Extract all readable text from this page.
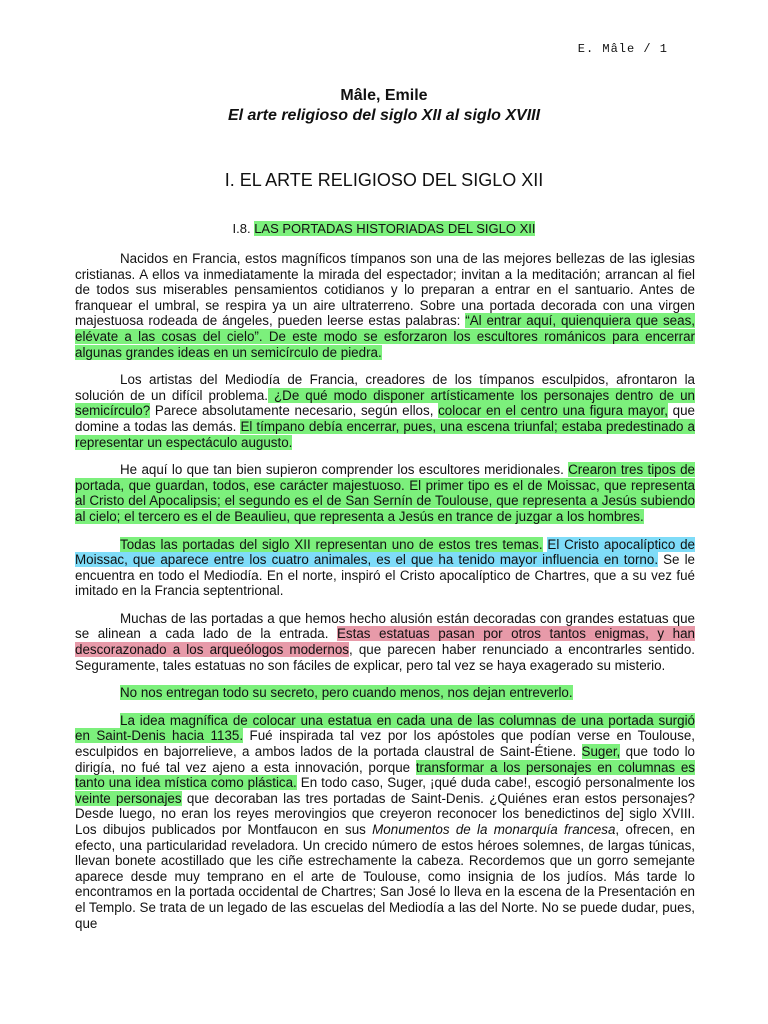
E. Mâle / 1
Mâle, Emile
El arte religioso del siglo XII al siglo XVIII
I. EL ARTE RELIGIOSO DEL SIGLO XII
I.8. LAS PORTADAS HISTORIADAS DEL SIGLO XII

Nacidos en Francia, estos magníficos tímpanos son una de las mejores bellezas de las iglesias cristianas. A ellos va inmediatamente la mirada del espectador; invitan a la meditación; arrancan al fiel de todos sus miserables pensamientos cotidianos y lo preparan a entrar en el santuario. Antes de franquear el umbral, se respira ya un aire ultraterreno. Sobre una portada decorada con una virgen majestuosa rodeada de ángeles, pueden leerse estas palabras: “Al entrar aquí, quienquiera que seas, elévate a las cosas del cielo”. De este modo se esforzaron los escultores románicos para encerrar algunas grandes ideas en un semicírculo de piedra.

Los artistas del Mediodía de Francia, creadores de los tímpanos esculpidos, afrontaron la solución de un difícil problema. ¿De qué modo disponer artísticamente los personajes dentro de un semicírculo? Parece absolutamente necesario, según ellos, colocar en el centro una figura mayor, que domine a todas las demás. El tímpano debía encerrar, pues, una escena triunfal; estaba predestinado a representar un espectáculo augusto.

He aquí lo que tan bien supieron comprender los escultores meridionales. Crearon tres tipos de portada, que guardan, todos, ese carácter majestuoso. El primer tipo es el de Moissac, que representa al Cristo del Apocalipsis; el segundo es el de San Sernín de Toulouse, que representa a Jesús subiendo al cielo; el tercero es el de Beaulieu, que representa a Jesús en trance de juzgar a los hombres.

Todas las portadas del siglo XII representan uno de estos tres temas. El Cristo apocalíptico de Moissac, que aparece entre los cuatro animales, es el que ha tenido mayor influencia en torno. Se le encuentra en todo el Mediodía. En el norte, inspiró el Cristo apocalíptico de Chartres, que a su vez fué imitado en la Francia septentrional.

Muchas de las portadas a que hemos hecho alusión están decoradas con grandes estatuas que se alinean a cada lado de la entrada. Estas estatuas pasan por otros tantos enigmas, y han descorazonado a los arqueólogos modernos, que parecen haber renunciado a encontrarles sentido. Seguramente, tales estatuas no son fáciles de explicar, pero tal vez se haya exagerado su misterio.

No nos entregan todo su secreto, pero cuando menos, nos dejan entreverlo.

La idea magnífica de colocar una estatua en cada una de las columnas de una portada surgió en Saint-Denis hacia 1135. Fué inspirada tal vez por los apóstoles que podían verse en Toulouse, esculpidos en bajorrelieve, a ambos lados de la portada claustral de Saint-Étiene. Suger, que todo lo dirigía, no fué tal vez ajeno a esta innovación, porque transformar a los personajes en columnas es tanto una idea mística como plástica. En todo caso, Suger, ¡qué duda cabe!, escogió personalmente los veinte personajes que decoraban las tres portadas de Saint-Denis. ¿Quiénes eran estos personajes? Desde luego, no eran los reyes merovingios que creyeron reconocer los benedictinos de] siglo XVIII. Los dibujos publicados por Montfaucon en sus Monumentos de la monarquía francesa, ofrecen, en efecto, una particularidad reveladora. Un crecido número de estos héroes solemnes, de largas túnicas, llevan bonete acostillado que les ciñe estrechamente la cabeza. Recordemos que un gorro semejante aparece desde muy temprano en el arte de Toulouse, como insignia de los judíos. Más tarde lo encontramos en la portada occidental de Chartres; San José lo lleva en la escena de la Presentación en el Templo. Se trata de un legado de las escuelas del Mediodía a las del Norte. No se puede dudar, pues, que
